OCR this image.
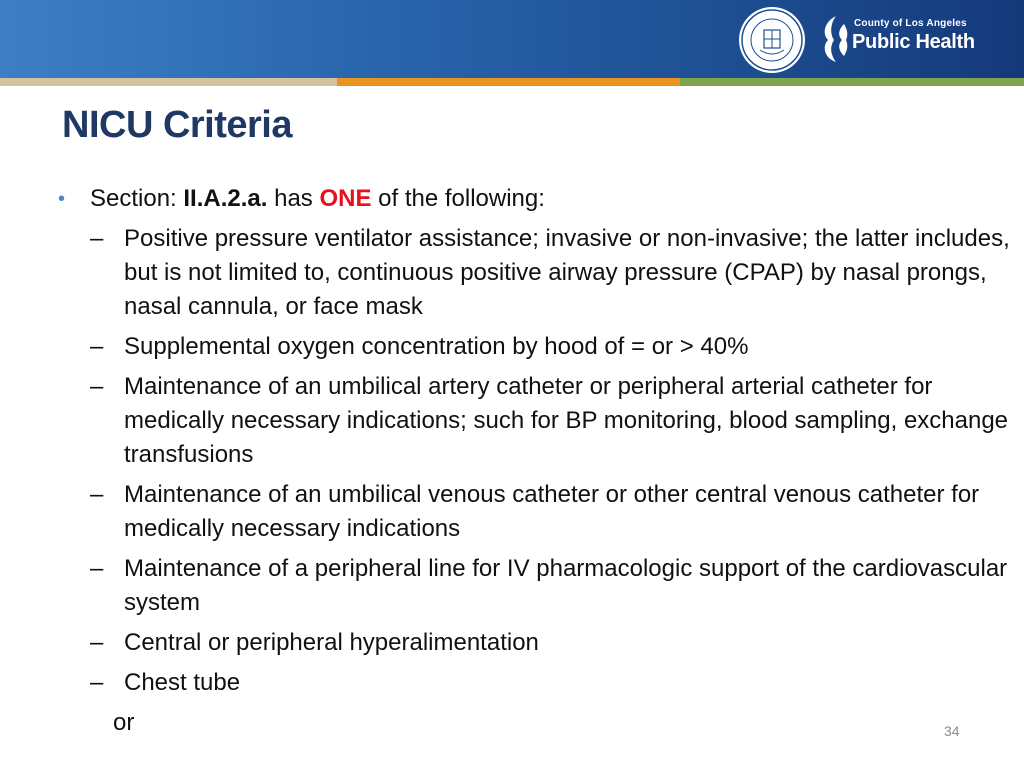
County of Los Angeles
Public Health
NICU Criteria
• Section: II.A.2.a. has ONE of the following:
– Positive pressure ventilator assistance; invasive or non-invasive; the latter includes, but is not limited to, continuous positive airway pressure (CPAP) by nasal prongs, nasal cannula, or face mask
– Supplemental oxygen concentration by hood of = or > 40%
– Maintenance of an umbilical artery catheter or peripheral arterial catheter for medically necessary indications; such for BP monitoring, blood sampling, exchange transfusions
– Maintenance of an umbilical venous catheter or other central venous catheter for medically necessary indications
– Maintenance of a peripheral line for IV pharmacologic support of the cardiovascular system
– Central or peripheral hyperalimentation
– Chest tube
or	34
